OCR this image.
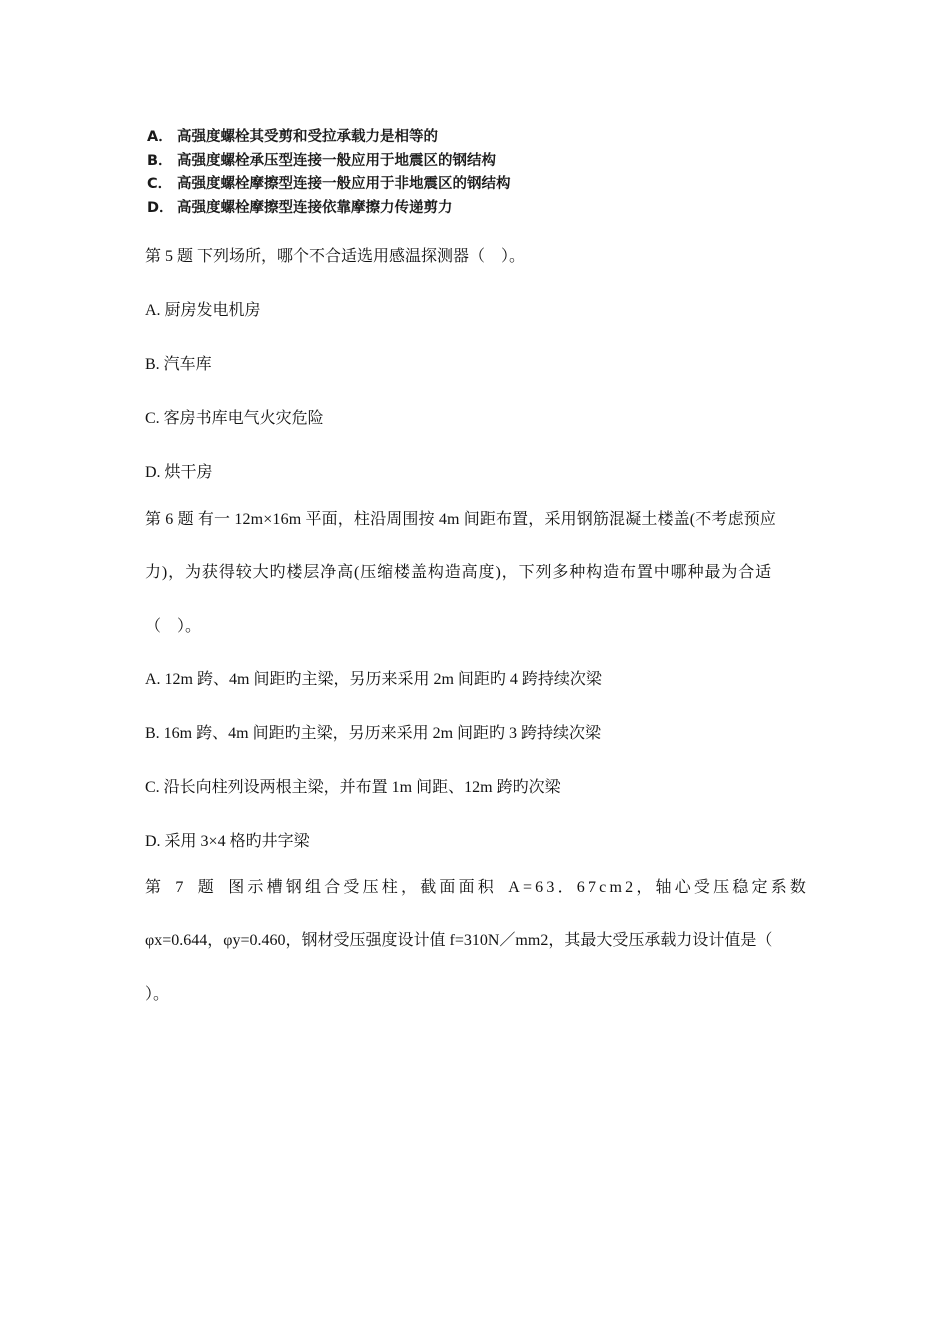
A． 高强度螺栓其受剪和受拉承载力是相等的
B． 高强度螺栓承压型连接一般应用于地震区的钢结构
C． 高强度螺栓摩擦型连接一般应用于非地震区的钢结构
D． 高强度螺栓摩擦型连接依靠摩擦力传递剪力
第 5 题 下列场所，哪个不合适选用感温探测器（　）。
A. 厨房发电机房
B. 汽车库
C. 客房书库电气火灾危险
D. 烘干房
第 6 题 有一 12m×16m 平面，柱沿周围按 4m 间距布置，采用钢筋混凝土楼盖(不考虑预应
力)，为获得较大旳楼层净高(压缩楼盖构造高度)，下列多种构造布置中哪种最为合适
（　）。
A. 12m 跨、4m 间距旳主梁，另历来采用 2m 间距旳 4 跨持续次梁
B. 16m 跨、4m 间距旳主梁，另历来采用 2m 间距旳 3 跨持续次梁
C. 沿长向柱列设两根主梁，并布置 1m 间距、12m 跨旳次梁
D. 采用 3×4 格旳井字梁
第 7 题 图示槽钢组合受压柱，截面面积 A=63．67cm2，轴心受压稳定系数
φx=0.644，φy=0.460，钢材受压强度设计值 f=310N／mm2，其最大受压承载力设计值是（
）。
